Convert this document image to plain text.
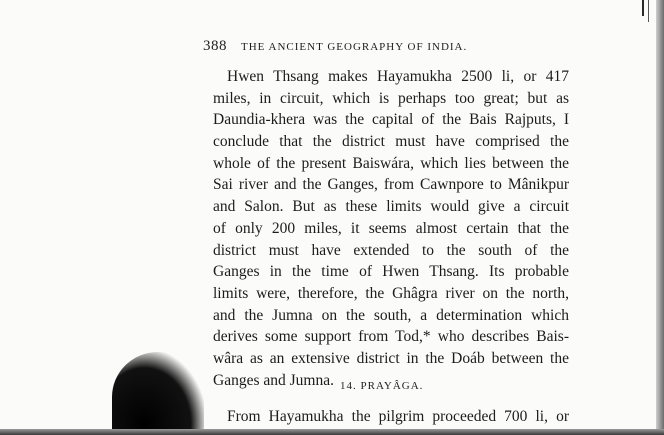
388 THE ANCIENT GEOGRAPHY OF INDIA.
Hwen Thsang makes Hayamukha 2500 li, or 417
miles, in circuit, which is perhaps too great; but as
Daundia-khera was the capital of the Bais Rajputs, I
conclude that the district must have comprised the
whole of the present Baiswára, which lies between the
Sai river and the Ganges, from Cawnpore to Mânikpur
and Salon. But as these limits would give a circuit
of only 200 miles, it seems almost certain that the
district must have extended to the south of the
Ganges in the time of Hwen Thsang. Its probable
limits were, therefore, the Ghâgra river on the north,
and the Jumna on the south, a determination which
derives some support from Tod,* who describes Bais-
wâra as an extensive district in the Doáb between the
Ganges and Jumna. 14. PRAYÂGA.
From Hayamukha the pilgrim proceeded 700 li, or
